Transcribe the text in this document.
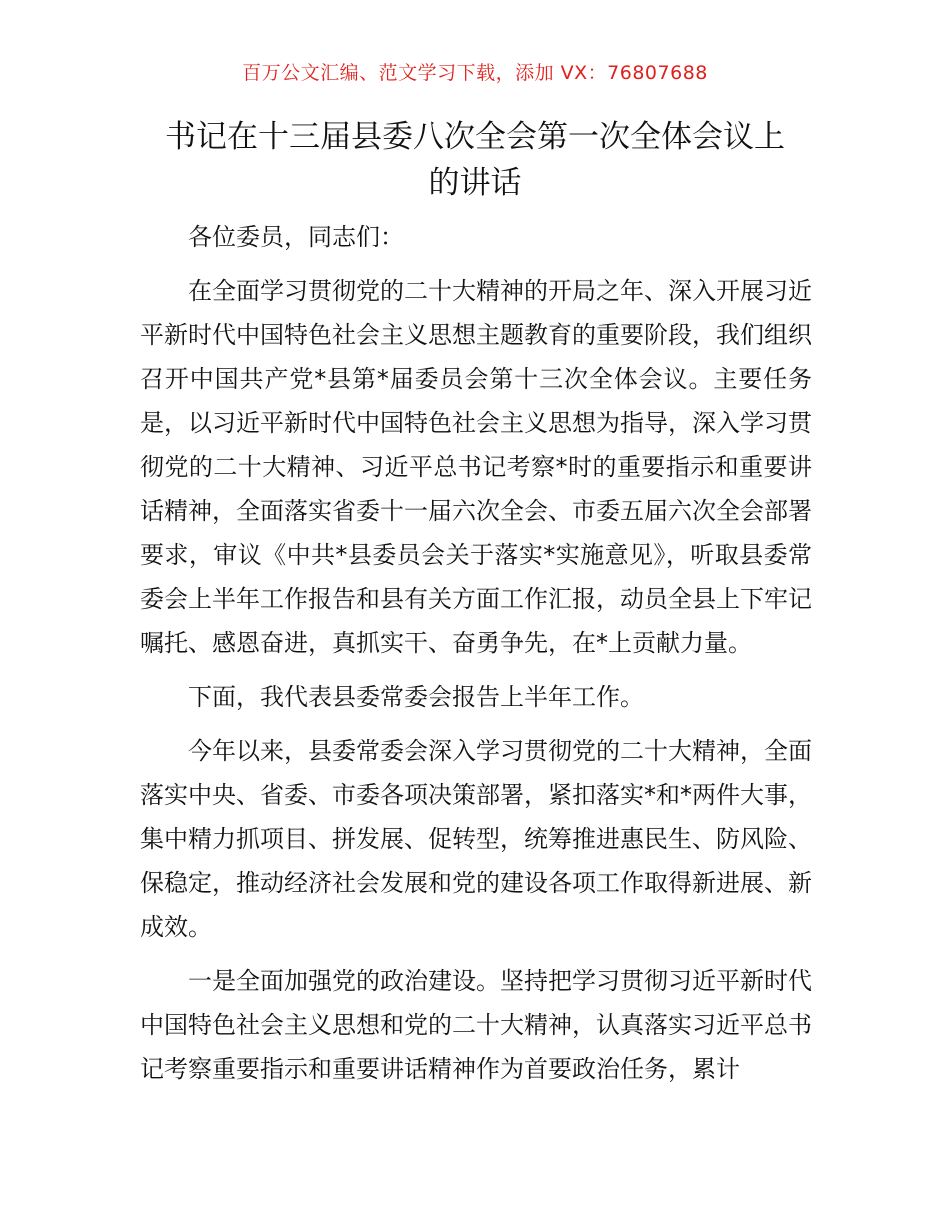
百万公文汇编、范文学习下载，添加 VX：76807688
书记在十三届县委八次全会第一次全体会议上
的讲话

各位委员，同志们：

在全面学习贯彻党的二十大精神的开局之年、深入开展习近平新时代中国特色社会主义思想主题教育的重要阶段，我们组织召开中国共产党*县第*届委员会第十三次全体会议。主要任务是，以习近平新时代中国特色社会主义思想为指导，深入学习贯彻党的二十大精神、习近平总书记考察*时的重要指示和重要讲话精神，全面落实省委十一届六次全会、市委五届六次全会部署要求，审议《中共*县委员会关于落实*实施意见》，听取县委常委会上半年工作报告和县有关方面工作汇报，动员全县上下牢记嘱托、感恩奋进，真抓实干、奋勇争先，在*上贡献力量。

下面，我代表县委常委会报告上半年工作。

今年以来，县委常委会深入学习贯彻党的二十大精神，全面落实中央、省委、市委各项决策部署，紧扣落实*和*两件大事，集中精力抓项目、拼发展、促转型，统筹推进惠民生、防风险、保稳定，推动经济社会发展和党的建设各项工作取得新进展、新成效。

一是全面加强党的政治建设。坚持把学习贯彻习近平新时代中国特色社会主义思想和党的二十大精神，认真落实习近平总书记考察重要指示和重要讲话精神作为首要政治任务，累计
